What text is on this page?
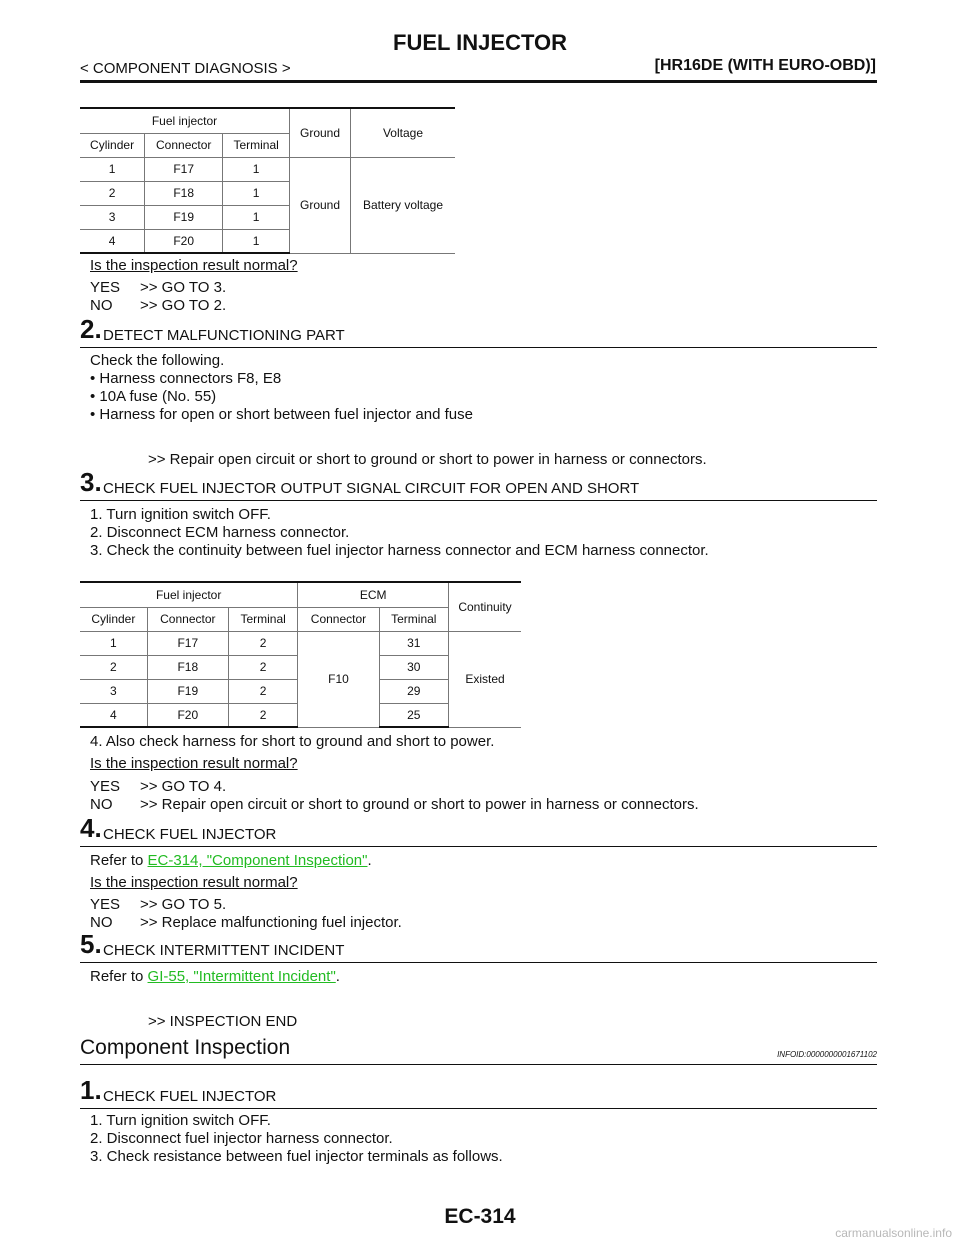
FUEL INJECTOR
< COMPONENT DIAGNOSIS >	[HR16DE (WITH EURO-OBD)]
Fuel injector			Ground	Voltage
Cylinder	Connector	Terminal		
1	F17	1	Ground	Battery voltage
2	F18	1		
3	F19	1		
4	F20	1		
Is the inspection result normal?
YES >> GO TO 3.
NO >> GO TO 2.
2. DETECT MALFUNCTIONING PART
Check the following.
• Harness connectors F8, E8
• 10A fuse (No. 55)
• Harness for open or short between fuel injector and fuse
>> Repair open circuit or short to ground or short to power in harness or connectors.
3. CHECK FUEL INJECTOR OUTPUT SIGNAL CIRCUIT FOR OPEN AND SHORT
1. Turn ignition switch OFF.
2. Disconnect ECM harness connector.
3. Check the continuity between fuel injector harness connector and ECM harness connector.
Fuel injector			ECM		Continuity
Cylinder	Connector	Terminal	Connector	Terminal	
1	F17	2	F10	31	Existed
2	F18	2		30	
3	F19	2		29	
4	F20	2		25	
4. Also check harness for short to ground and short to power.
Is the inspection result normal?
YES >> GO TO 4.
NO >> Repair open circuit or short to ground or short to power in harness or connectors.
4. CHECK FUEL INJECTOR
Refer to EC-314, "Component Inspection".
Is the inspection result normal?
YES >> GO TO 5.
NO >> Replace malfunctioning fuel injector.
5. CHECK INTERMITTENT INCIDENT
Refer to GI-55, "Intermittent Incident".
>> INSPECTION END
Component Inspection	INFOID:0000000001671102
1. CHECK FUEL INJECTOR
1. Turn ignition switch OFF.
2. Disconnect fuel injector harness connector.
3. Check resistance between fuel injector terminals as follows.
EC-314
carmanualsonline.info
